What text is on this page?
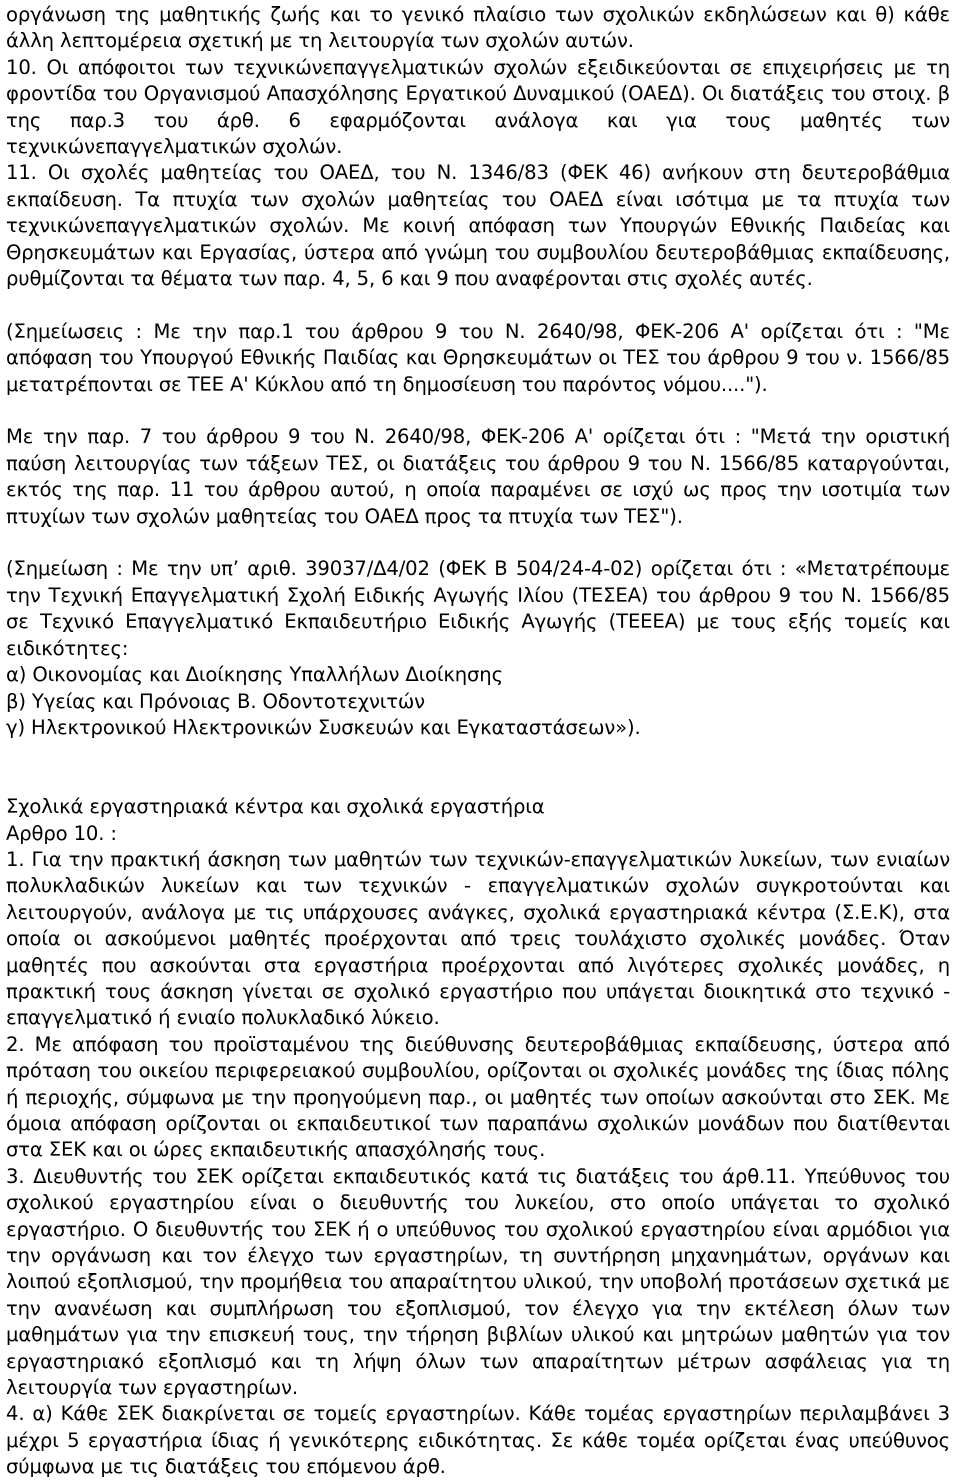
οργάνωση της μαθητικής ζωής και το γενικό πλαίσιο των σχολικών εκδηλώσεων και θ) κάθε άλλη λεπτομέρεια σχετική με τη λειτουργία των σχολών αυτών.

10. Οι απόφοιτοι των τεχνικώνεπαγγελματικών σχολών εξειδικεύονται σε επιχειρήσεις με τη φροντίδα του Οργανισμού Απασχόλησης Εργατικού Δυναμικού (ΟΑΕΔ). Οι διατάξεις του στοιχ. β της παρ.3 του άρθ. 6 εφαρμόζονται ανάλογα και για τους μαθητές των τεχνικώνεπαγγελματικών σχολών.

11. Οι σχολές μαθητείας του ΟΑΕΔ, του Ν. 1346/83 (ΦΕΚ 46) ανήκουν στη δευτεροβάθμια εκπαίδευση. Τα πτυχία των σχολών μαθητείας του ΟΑΕΔ είναι ισότιμα με τα πτυχία των τεχνικώνεπαγγελματικών σχολών. Με κοινή απόφαση των Υπουργών Εθνικής Παιδείας και Θρησκευμάτων και Εργασίας, ύστερα από γνώμη του συμβουλίου δευτεροβάθμιας εκπαίδευσης, ρυθμίζονται τα θέματα των παρ. 4, 5, 6 και 9 που αναφέρονται στις σχολές αυτές.

(Σημείωσεις : Με την παρ.1 του άρθρου 9 του Ν. 2640/98, ΦΕΚ-206 Α' ορίζεται ότι : "Με απόφαση του Υπουργού Εθνικής Παιδίας και Θρησκευμάτων οι ΤΕΣ του άρθρου 9 του ν. 1566/85 μετατρέπονται σε ΤΕΕ Α' Κύκλου από τη δημοσίευση του παρόντος νόμου....").

Με την παρ. 7 του άρθρου 9 του Ν. 2640/98, ΦΕΚ-206 Α' ορίζεται ότι : "Μετά την οριστική παύση λειτουργίας των τάξεων ΤΕΣ, οι διατάξεις του άρθρου 9 του Ν. 1566/85 καταργούνται, εκτός της παρ. 11 του άρθρου αυτού, η οποία παραμένει σε ισχύ ως προς την ισοτιμία των πτυχίων των σχολών μαθητείας του ΟΑΕΔ προς τα πτυχία των ΤΕΣ").

(Σημείωση : Με την υπ’ αριθ. 39037/Δ4/02 (ΦΕΚ Β 504/24-4-02) ορίζεται ότι : «Μετατρέπουμε την Τεχνική Επαγγελματική Σχολή Ειδικής Αγωγής Ιλίου (ΤΕΣΕΑ) του άρθρου 9 του Ν. 1566/85 σε Τεχνικό Επαγγελματικό Εκπαιδευτήριο Ειδικής Αγωγής (ΤΕΕΕΑ) με τους εξής τομείς και ειδικότητες:

α) Οικονομίας και Διοίκησης Υπαλλήλων Διοίκησης

β) Υγείας και Πρόνοιας Β. Οδοντοτεχνιτών

γ) Ηλεκτρονικού Ηλεκτρονικών Συσκευών και Εγκαταστάσεων»).

Σχολικά εργαστηριακά κέντρα και σχολικά εργαστήρια

Αρθρο 10. :

1. Για την πρακτική άσκηση των μαθητών των τεχνικών-επαγγελματικών λυκείων, των ενιαίων πολυκλαδικών λυκείων και των τεχνικών - επαγγελματικών σχολών συγκροτούνται και λειτουργούν, ανάλογα με τις υπάρχουσες ανάγκες, σχολικά εργαστηριακά κέντρα (Σ.Ε.Κ), στα οποία οι ασκούμενοι μαθητές προέρχονται από τρεις τουλάχιστο σχολικές μονάδες. Όταν μαθητές που ασκούνται στα εργαστήρια προέρχονται από λιγότερες σχολικές μονάδες, η πρακτική τους άσκηση γίνεται σε σχολικό εργαστήριο που υπάγεται διοικητικά στο τεχνικό - επαγγελματικό ή ενιαίο πολυκλαδικό λύκειο.

2. Με απόφαση του προϊσταμένου της διεύθυνσης δευτεροβάθμιας εκπαίδευσης, ύστερα από πρόταση του οικείου περιφερειακού συμβουλίου, ορίζονται οι σχολικές μονάδες της ίδιας πόλης ή περιοχής, σύμφωνα με την προηγούμενη παρ., οι μαθητές των οποίων ασκούνται στο ΣΕΚ. Με όμοια απόφαση ορίζονται οι εκπαιδευτικοί των παραπάνω σχολικών μονάδων που διατίθενται στα ΣΕΚ και οι ώρες εκπαιδευτικής απασχόλησής τους.

3. Διευθυντής του ΣΕΚ ορίζεται εκπαιδευτικός κατά τις διατάξεις του άρθ.11. Υπεύθυνος του σχολικού εργαστηρίου είναι ο διευθυντής του λυκείου, στο οποίο υπάγεται το σχολικό εργαστήριο. Ο διευθυντής του ΣΕΚ ή ο υπεύθυνος του σχολικού εργαστηρίου είναι αρμόδιοι για την οργάνωση και τον έλεγχο των εργαστηρίων, τη συντήρηση μηχανημάτων, οργάνων και λοιπού εξοπλισμού, την προμήθεια του απαραίτητου υλικού, την υποβολή προτάσεων σχετικά με την ανανέωση και συμπλήρωση του εξοπλισμού, τον έλεγχο για την εκτέλεση όλων των μαθημάτων για την επισκευή τους, την τήρηση βιβλίων υλικού και μητρώων μαθητών για τον εργαστηριακό εξοπλισμό και τη λήψη όλων των απαραίτητων μέτρων ασφάλειας για τη λειτουργία των εργαστηρίων.

4. α) Κάθε ΣΕΚ διακρίνεται σε τομείς εργαστηρίων. Κάθε τομέας εργαστηρίων περιλαμβάνει 3 μέχρι 5 εργαστήρια ίδιας ή γενικότερης ειδικότητας. Σε κάθε τομέα ορίζεται ένας υπεύθυνος σύμφωνα με τις διατάξεις του επόμενου άρθ.
